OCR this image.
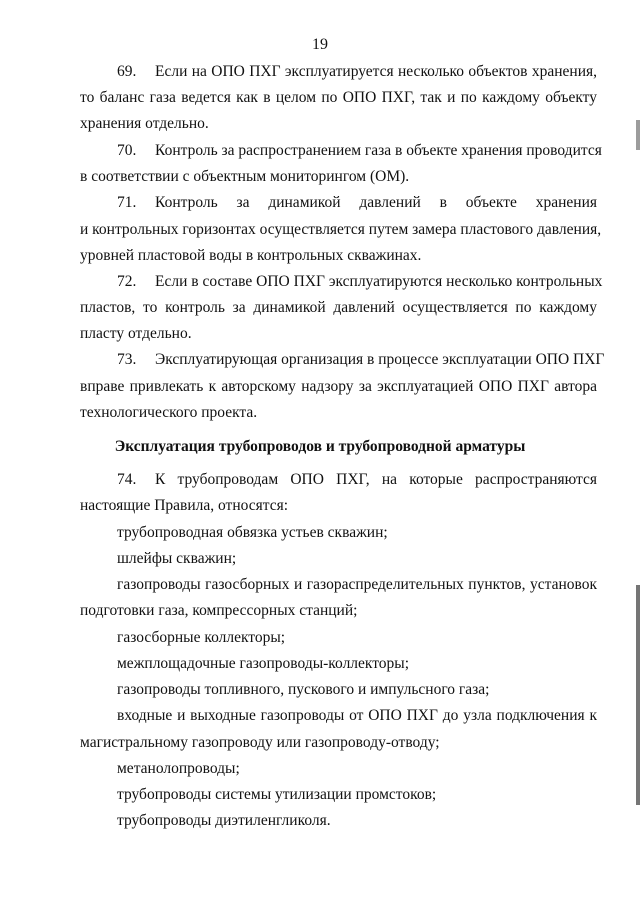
19
69. Если на ОПО ПХГ эксплуатируется несколько объектов хранения,
то баланс газа ведется как в целом по ОПО ПХГ, так и по каждому объекту
хранения отдельно.
70. Контроль за распространением газа в объекте хранения проводится
в соответствии с объектным мониторингом (ОМ).
71. Контроль за динамикой давлений в объекте хранения
и контрольных горизонтах осуществляется путем замера пластового давления,
уровней пластовой воды в контрольных скважинах.
72. Если в составе ОПО ПХГ эксплуатируются несколько контрольных
пластов, то контроль за динамикой давлений осуществляется по каждому
пласту отдельно.
73. Эксплуатирующая организация в процессе эксплуатации ОПО ПХГ
вправе привлекать к авторскому надзору за эксплуатацией ОПО ПХГ автора
технологического проекта.
Эксплуатация трубопроводов и трубопроводной арматуры
74. К трубопроводам ОПО ПХГ, на которые распространяются
настоящие Правила, относятся:
трубопроводная обвязка устьев скважин;
шлейфы скважин;
газопроводы газосборных и газораспределительных пунктов, установок
подготовки газа, компрессорных станций;
газосборные коллекторы;
межплощадочные газопроводы-коллекторы;
газопроводы топливного, пускового и импульсного газа;
входные и выходные газопроводы от ОПО ПХГ до узла подключения к
магистральному газопроводу или газопроводу-отводу;
метанолопроводы;
трубопроводы системы утилизации промстоков;
трубопроводы диэтиленгликоля.
